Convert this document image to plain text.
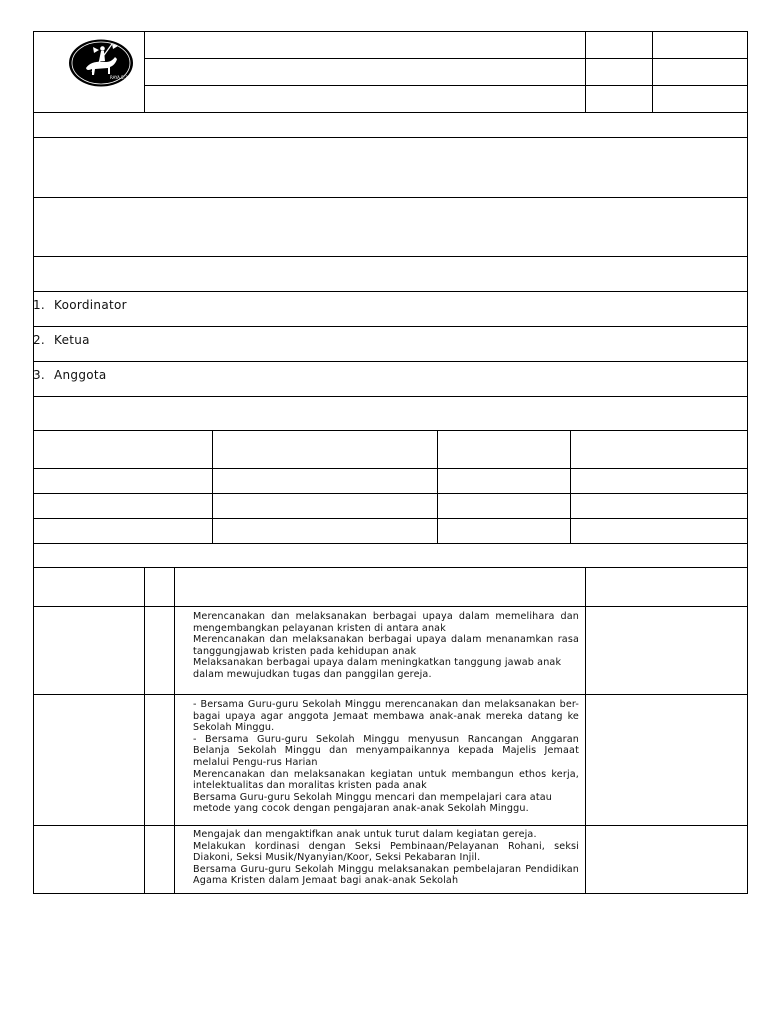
RAYA 5:3
1. Koordinator
2. Ketua
3. Anggota

Merencanakan dan melaksanakan berbagai upaya dalam memelihara dan mengembangkan pelayanan kristen di antara anak

Merencanakan dan melaksanakan berbagai upaya dalam menanamkan rasa tanggungjawab kristen pada kehidupan anak

Melaksanakan berbagai upaya dalam meningkatkan tanggung jawab anak dalam mewujudkan tugas dan panggilan gereja.

- Bersama Guru-guru Sekolah Minggu merencanakan dan melaksanakan ber-bagai upaya agar anggota Jemaat membawa anak-anak mereka datang ke Sekolah Minggu.

- Bersama Guru-guru Sekolah Minggu menyusun Rancangan Anggaran Belanja Sekolah Minggu dan menyampaikannya kepada Majelis Jemaat melalui Pengu-rus Harian

Merencanakan dan melaksanakan kegiatan untuk membangun ethos kerja, intelektualitas dan moralitas kristen pada anak

Bersama Guru-guru Sekolah Minggu mencari dan mempelajari cara atau metode yang cocok dengan pengajaran anak-anak Sekolah Minggu.

Mengajak dan mengaktifkan anak untuk turut dalam kegiatan gereja.

Melakukan kordinasi dengan Seksi Pembinaan/Pelayanan Rohani, seksi Diakoni, Seksi Musik/Nyanyian/Koor, Seksi Pekabaran Injil.

Bersama Guru-guru Sekolah Minggu melaksanakan pembelajaran Pendidikan Agama Kristen dalam Jemaat bagi anak-anak Sekolah
